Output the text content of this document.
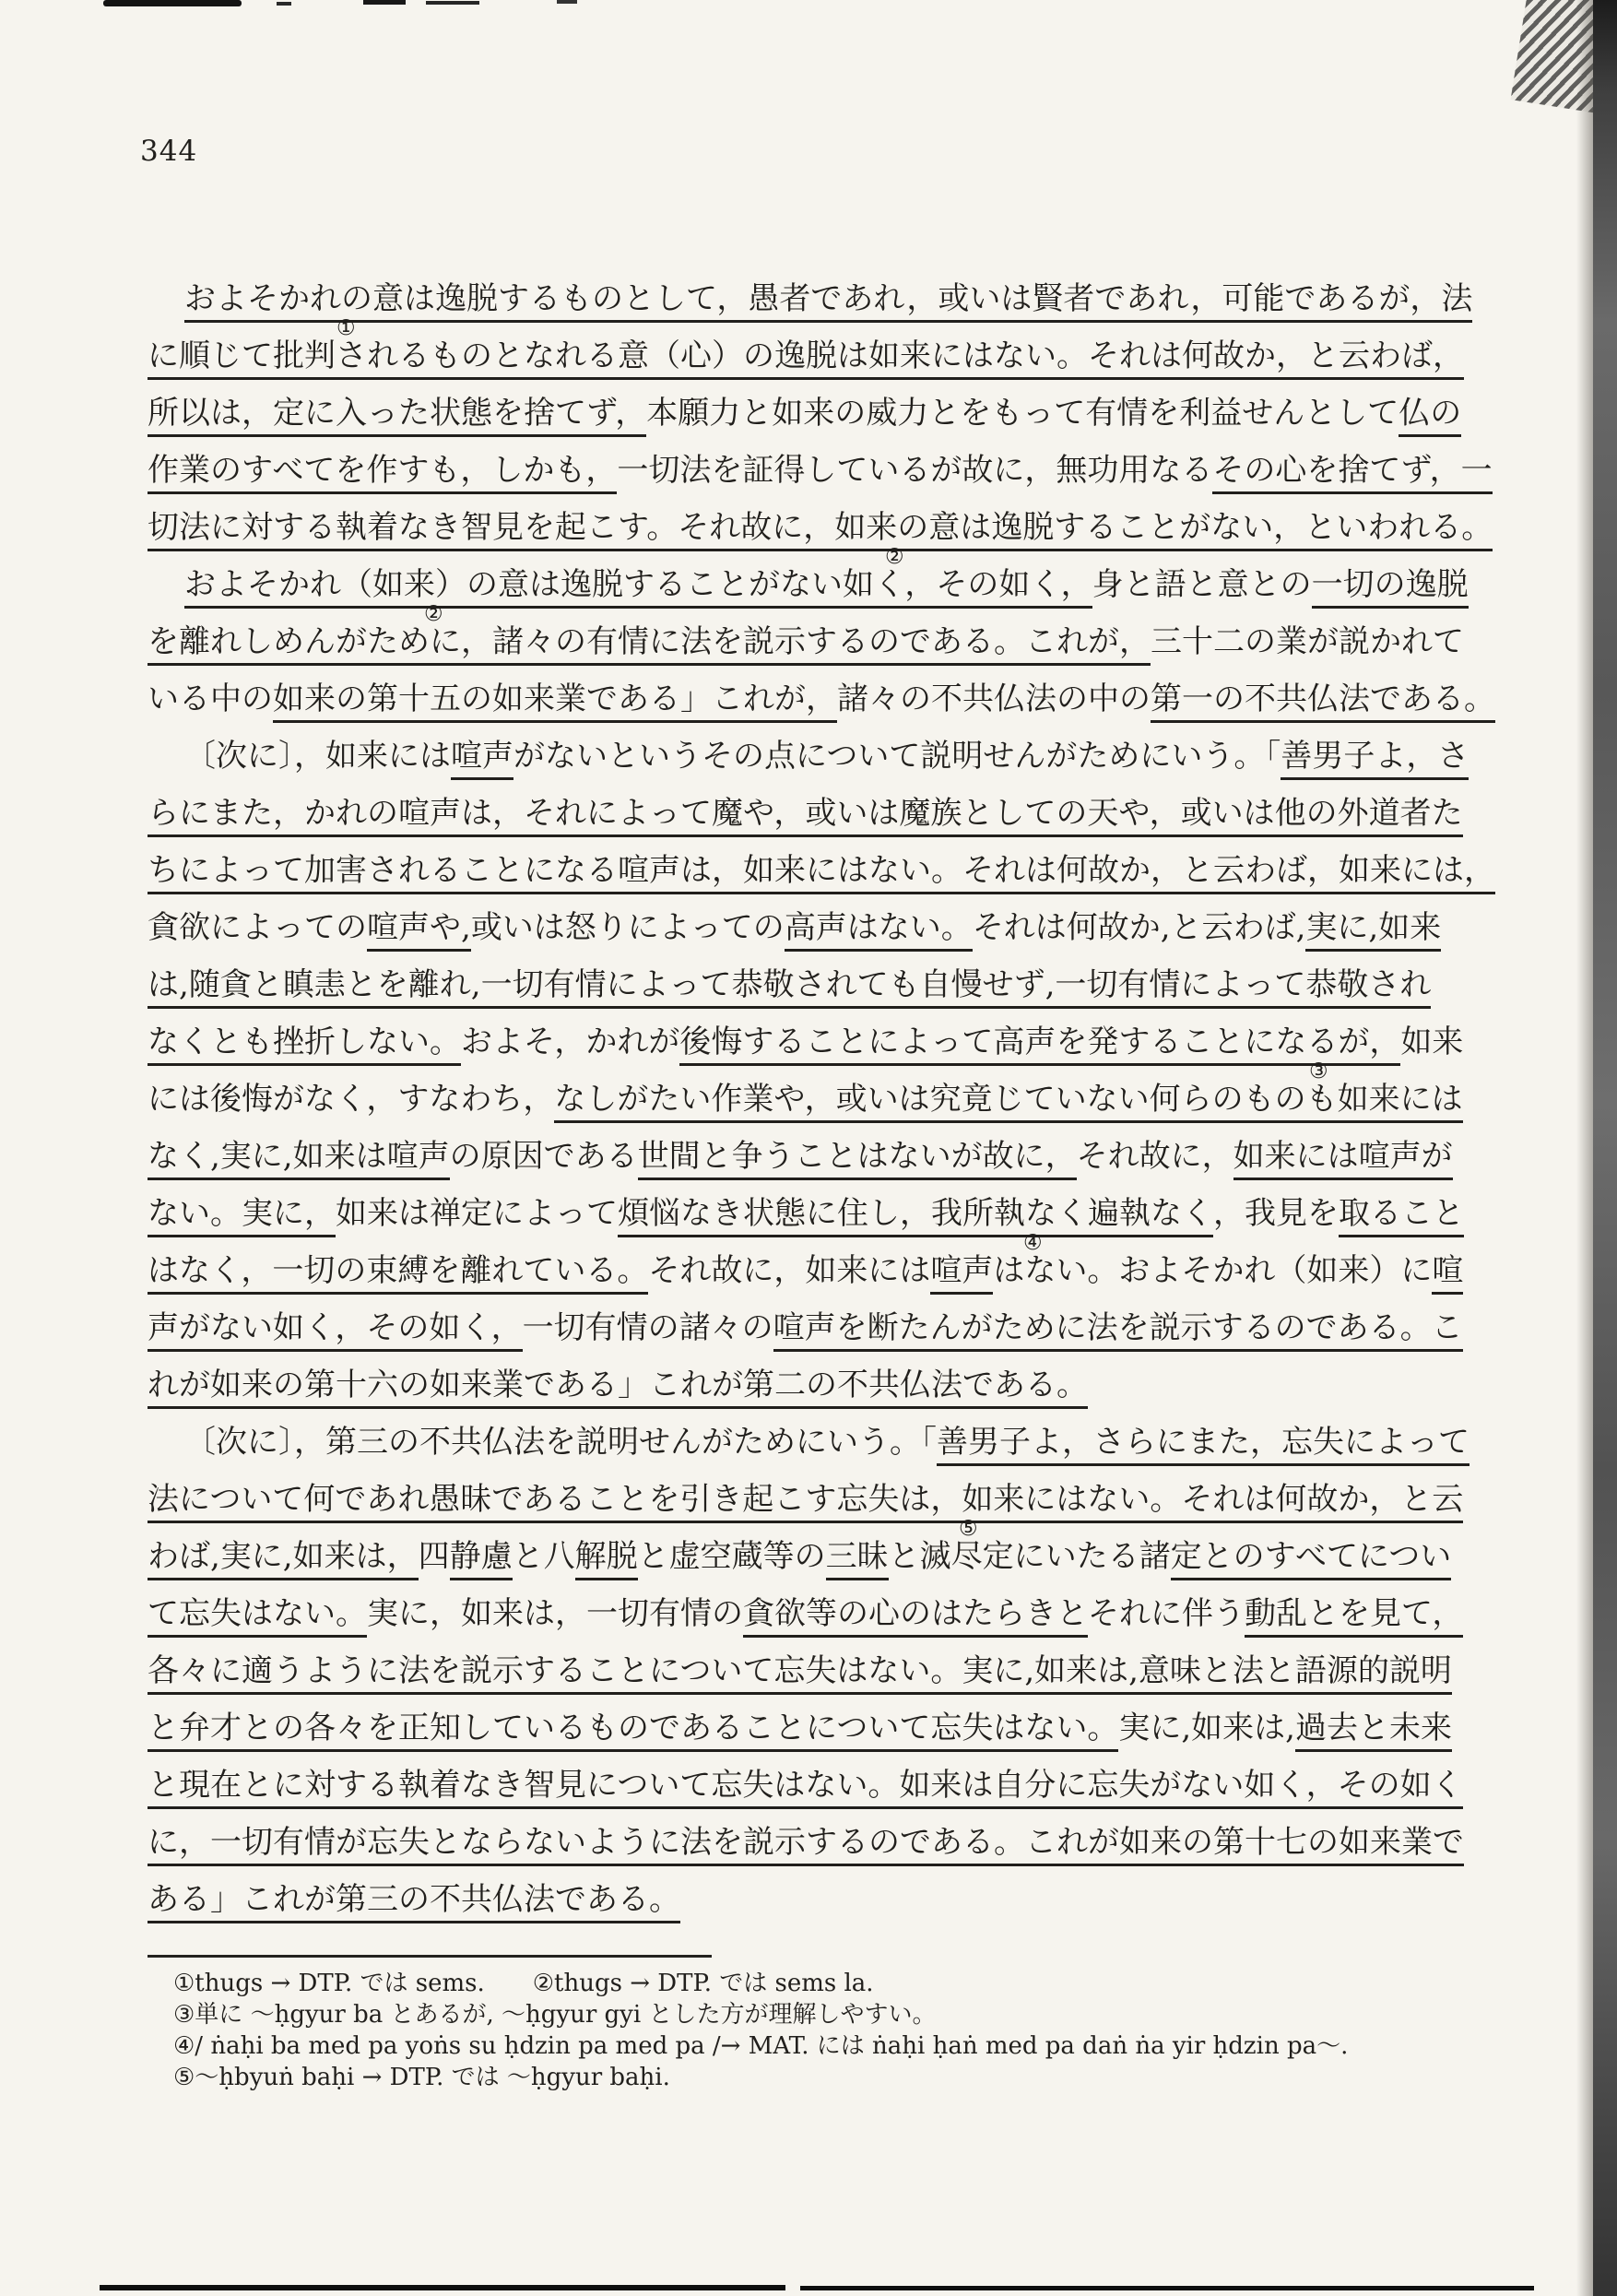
344
およそかれの意は逸脱するものとして，愚者であれ，或いは賢者であれ，可能であるが，法
①
に順じて批判されるものとなれる意（心）の逸脱は如来にはない。それは何故か，と云わば，
所以は，定に入った状態を捨てず，本願力と如来の威力とをもって有情を利益せんとして仏の
作業のすべてを作すも，しかも，一切法を証得しているが故に，無功用なるその心を捨てず，一
切法に対する執着なき智見を起こす。それ故に，如来の意は逸脱することがない，といわれる。
②
およそかれ（如来）の意は逸脱することがない如く，その如く，身と語と意との一切の逸脱
②
を離れしめんがために，諸々の有情に法を説示するのである。これが，三十二の業が説かれて
いる中の如来の第十五の如来業である」これが，諸々の不共仏法の中の第一の不共仏法である。
〔次に〕，如来には喧声がないというその点について説明せんがためにいう。「善男子よ，さ
らにまた，かれの喧声は，それによって魔や，或いは魔族としての天や，或いは他の外道者た
ちによって加害されることになる喧声は，如来にはない。それは何故か，と云わば，如来には，
貪欲によっての喧声や,或いは怒りによっての高声はない。それは何故か,と云わば,実に,如来
は,随貪と瞋恚とを離れ,一切有情によって恭敬されても自慢せず,一切有情によって恭敬され
なくとも挫折しない。およそ，かれが後悔することによって高声を発することになるが，如来
③
には後悔がなく，すなわち，なしがたい作業や，或いは究竟じていない何らのものも如来には
なく,実に,如来は喧声の原因である世間と争うことはないが故に，それ故に，如来には喧声が
ない。実に，如来は禅定によって煩悩なき状態に住し，我所執なく遍執なく，我見を取ること
④
はなく，一切の束縛を離れている。それ故に，如来には喧声はない。およそかれ（如来）に喧
声がない如く，その如く，一切有情の諸々の喧声を断たんがために法を説示するのである。こ
れが如来の第十六の如来業である」これが第二の不共仏法である。
〔次に〕，第三の不共仏法を説明せんがためにいう。「善男子よ，さらにまた，忘失によって
法について何であれ愚昧であることを引き起こす忘失は，如来にはない。それは何故か，と云
⑤
わば,実に,如来は，四静慮と八解脱と虚空蔵等の三昧と滅尽定にいたる諸定とのすべてについ
て忘失はない。実に，如来は，一切有情の貪欲等の心のはたらきとそれに伴う動乱とを見て，
各々に適うように法を説示することについて忘失はない。実に,如来は,意味と法と語源的説明
と弁才との各々を正知しているものであることについて忘失はない。実に,如来は,過去と未来
と現在とに対する執着なき智見について忘失はない。如来は自分に忘失がない如く，その如く
に，一切有情が忘失とならないように法を説示するのである。これが如来の第十七の如来業で
ある」これが第三の不共仏法である。
①thugs → DTP. では sems.　　②thugs → DTP. では sems la.
③単に ～ḥgyur ba とあるが, ～ḥgyur gyi とした方が理解しやすい。
④/ ṅaḥi ba med pa yoṅs su ḥdzin pa med pa /→ MAT. には ṅaḥi ḥaṅ med pa daṅ ṅa yir ḥdzin pa～.
⑤～ḥbyuṅ baḥi → DTP. では ～ḥgyur baḥi.
